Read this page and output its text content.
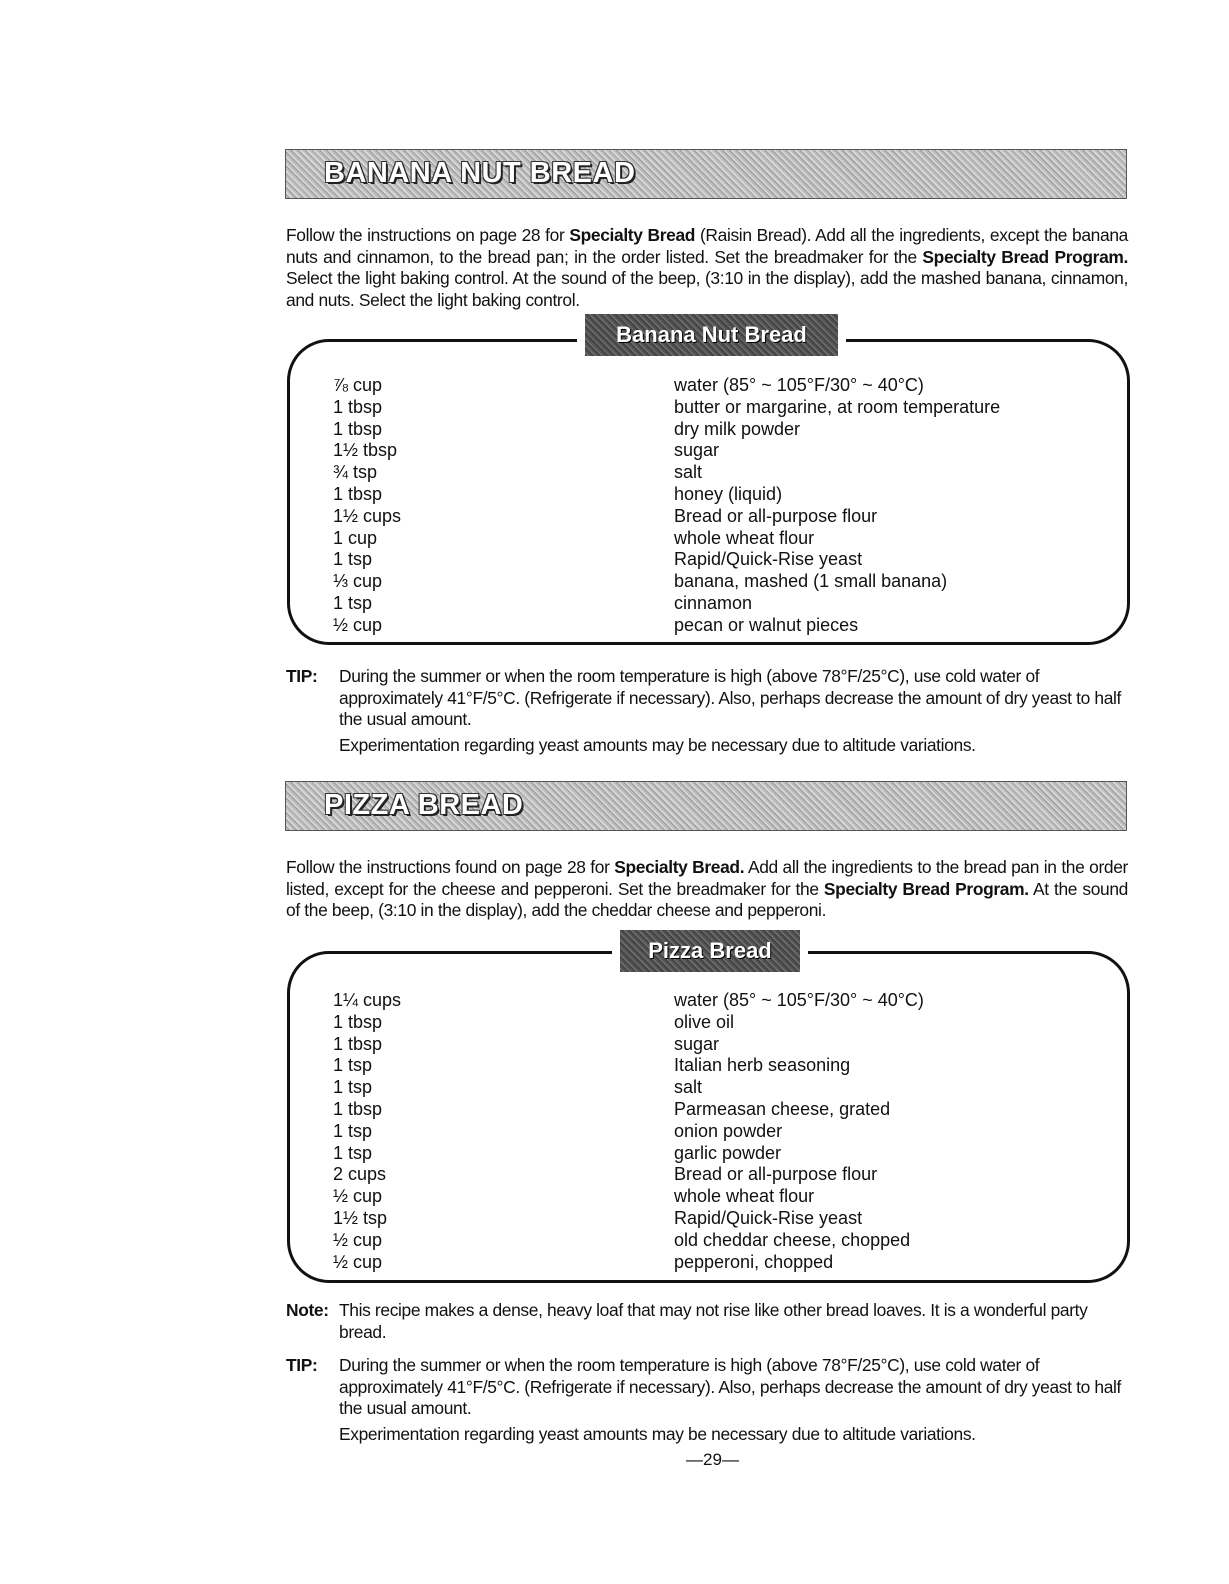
BANANA NUT BREAD
Follow the instructions on page 28 for Specialty Bread (Raisin Bread). Add all the ingredients, except the banana nuts and cinnamon, to the bread pan; in the order listed. Set the breadmaker for the Specialty Bread Program. Select the light baking control. At the sound of the beep, (3:10 in the display), add the mashed banana, cinnamon, and nuts. Select the light baking control.
Banana Nut Bread
⅞ cup	water (85° ~ 105°F/30° ~ 40°C)
1 tbsp	butter or margarine, at room temperature
1 tbsp	dry milk powder
1½ tbsp	sugar
¾ tsp	salt
1 tbsp	honey (liquid)
1½ cups	Bread or all-purpose flour
1 cup	whole wheat flour
1 tsp	Rapid/Quick-Rise yeast
⅓ cup	banana, mashed (1 small banana)
1 tsp	cinnamon
½ cup	pecan or walnut pieces
TIP: During the summer or when the room temperature is high (above 78°F/25°C), use cold water of approximately 41°F/5°C. (Refrigerate if necessary). Also, perhaps decrease the amount of dry yeast to half the usual amount.
Experimentation regarding yeast amounts may be necessary due to altitude variations.
PIZZA BREAD
Follow the instructions found on page 28 for Specialty Bread. Add all the ingredients to the bread pan in the order listed, except for the cheese and pepperoni. Set the breadmaker for the Specialty Bread Program. At the sound of the beep, (3:10 in the display), add the cheddar cheese and pepperoni.
Pizza Bread
1¼ cups	water (85° ~ 105°F/30° ~ 40°C)
1 tbsp	olive oil
1 tbsp	sugar
1 tsp	Italian herb seasoning
1 tsp	salt
1 tbsp	Parmeasan cheese, grated
1 tsp	onion powder
1 tsp	garlic powder
2 cups	Bread or all-purpose flour
½ cup	whole wheat flour
1½ tsp	Rapid/Quick-Rise yeast
½ cup	old cheddar cheese, chopped
½ cup	pepperoni, chopped
Note: This recipe makes a dense, heavy loaf that may not rise like other bread loaves. It is a wonderful party bread.
TIP: During the summer or when the room temperature is high (above 78°F/25°C), use cold water of approximately 41°F/5°C. (Refrigerate if necessary). Also, perhaps decrease the amount of dry yeast to half the usual amount.
Experimentation regarding yeast amounts may be necessary due to altitude variations.
—29—
